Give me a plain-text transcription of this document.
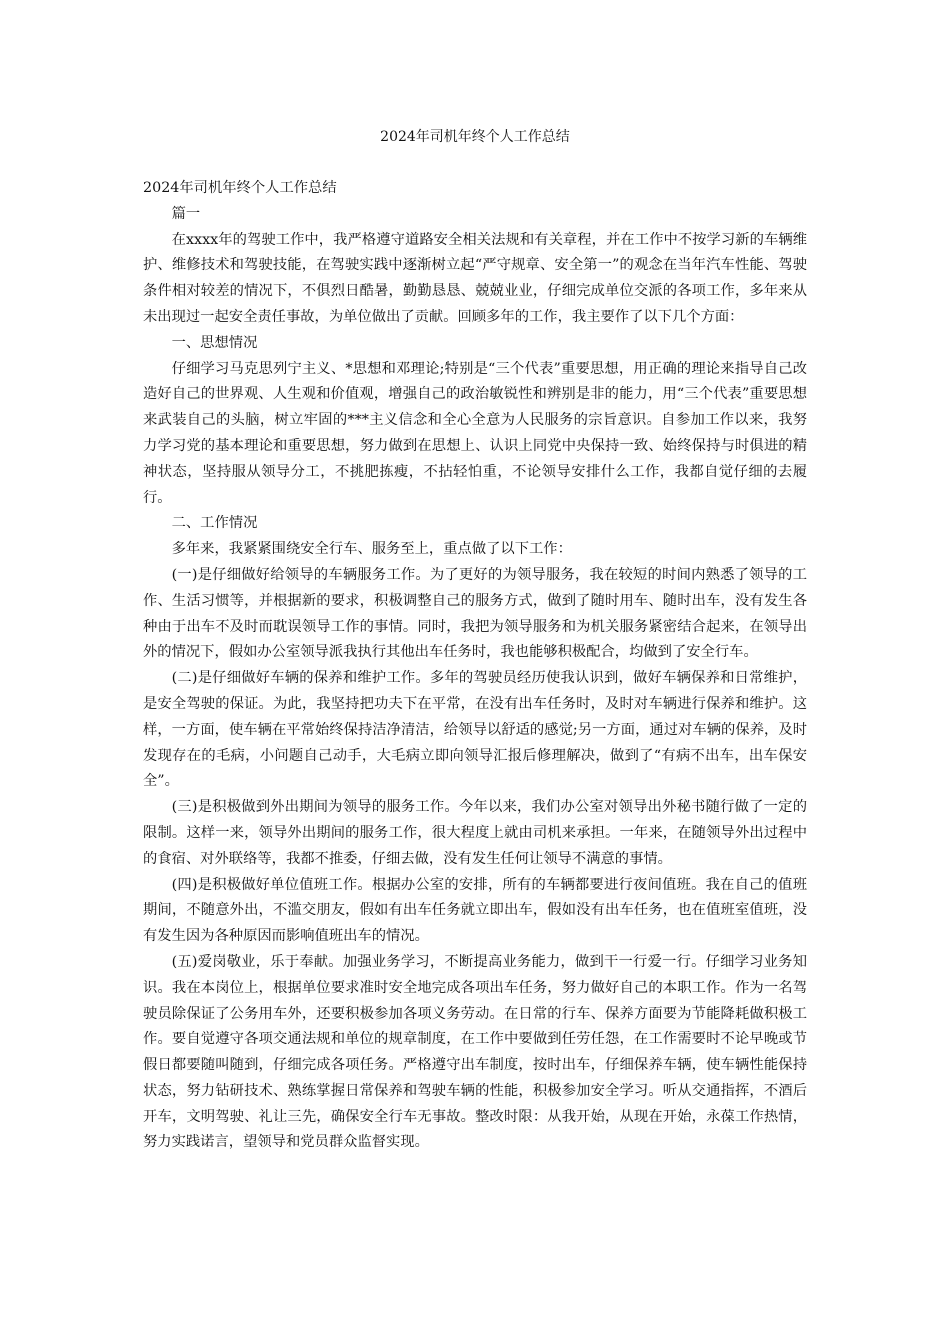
2024年司机年终个人工作总结

2024年司机年终个人工作总结

篇一

在xxxx年的驾驶工作中，我严格遵守道路安全相关法规和有关章程，并在工作中不按学习新的车辆维护、维修技术和驾驶技能，在驾驶实践中逐渐树立起“严守规章、安全第一”的观念在当年汽车性能、驾驶条件相对较差的情况下，不俱烈日酷暑，勤勤恳恳、兢兢业业，仔细完成单位交派的各项工作，多年来从未出现过一起安全责任事故，为单位做出了贡献。回顾多年的工作，我主要作了以下几个方面：

一、思想情况

仔细学习马克思列宁主义、*思想和邓理论;特别是“三个代表”重要思想，用正确的理论来指导自己改造好自己的世界观、人生观和价值观，增强自己的政治敏锐性和辨别是非的能力，用“三个代表”重要思想来武装自己的头脑，树立牢固的***主义信念和全心全意为人民服务的宗旨意识。自参加工作以来，我努力学习党的基本理论和重要思想，努力做到在思想上、认识上同党中央保持一致、始终保持与时俱进的精神状态，坚持服从领导分工，不挑肥拣瘦，不拈轻怕重，不论领导安排什么工作，我都自觉仔细的去履行。

二、工作情况

多年来，我紧紧围绕安全行车、服务至上，重点做了以下工作：

(一)是仔细做好给领导的车辆服务工作。为了更好的为领导服务，我在较短的时间内熟悉了领导的工作、生活习惯等，并根据新的要求，积极调整自己的服务方式，做到了随时用车、随时出车，没有发生各种由于出车不及时而耽误领导工作的事情。同时，我把为领导服务和为机关服务紧密结合起来，在领导出外的情况下，假如办公室领导派我执行其他出车任务时，我也能够积极配合，均做到了安全行车。

(二)是仔细做好车辆的保养和维护工作。多年的驾驶员经历使我认识到，做好车辆保养和日常维护，是安全驾驶的保证。为此，我坚持把功夫下在平常，在没有出车任务时，及时对车辆进行保养和维护。这样，一方面，使车辆在平常始终保持洁净清洁，给领导以舒适的感觉;另一方面，通过对车辆的保养，及时发现存在的毛病，小问题自己动手，大毛病立即向领导汇报后修理解决，做到了“有病不出车，出车保安全”。

(三)是积极做到外出期间为领导的服务工作。今年以来，我们办公室对领导出外秘书随行做了一定的限制。这样一来，领导外出期间的服务工作，很大程度上就由司机来承担。一年来，在随领导外出过程中的食宿、对外联络等，我都不推委，仔细去做，没有发生任何让领导不满意的事情。

(四)是积极做好单位值班工作。根据办公室的安排，所有的车辆都要进行夜间值班。我在自己的值班期间，不随意外出，不滥交朋友，假如有出车任务就立即出车，假如没有出车任务，也在值班室值班，没有发生因为各种原因而影响值班出车的情况。

(五)爱岗敬业，乐于奉献。加强业务学习，不断提高业务能力，做到干一行爱一行。仔细学习业务知识。我在本岗位上，根据单位要求准时安全地完成各项出车任务，努力做好自己的本职工作。作为一名驾驶员除保证了公务用车外，还要积极参加各项义务劳动。在日常的行车、保养方面要为节能降耗做积极工作。要自觉遵守各项交通法规和单位的规章制度，在工作中要做到任劳任怨，在工作需要时不论早晚或节假日都要随叫随到，仔细完成各项任务。严格遵守出车制度，按时出车，仔细保养车辆，使车辆性能保持状态，努力钻研技术、熟练掌握日常保养和驾驶车辆的性能，积极参加安全学习。听从交通指挥，不酒后开车，文明驾驶、礼让三先，确保安全行车无事故。整改时限：从我开始，从现在开始，永葆工作热情，努力实践诺言，望领导和党员群众监督实现。
